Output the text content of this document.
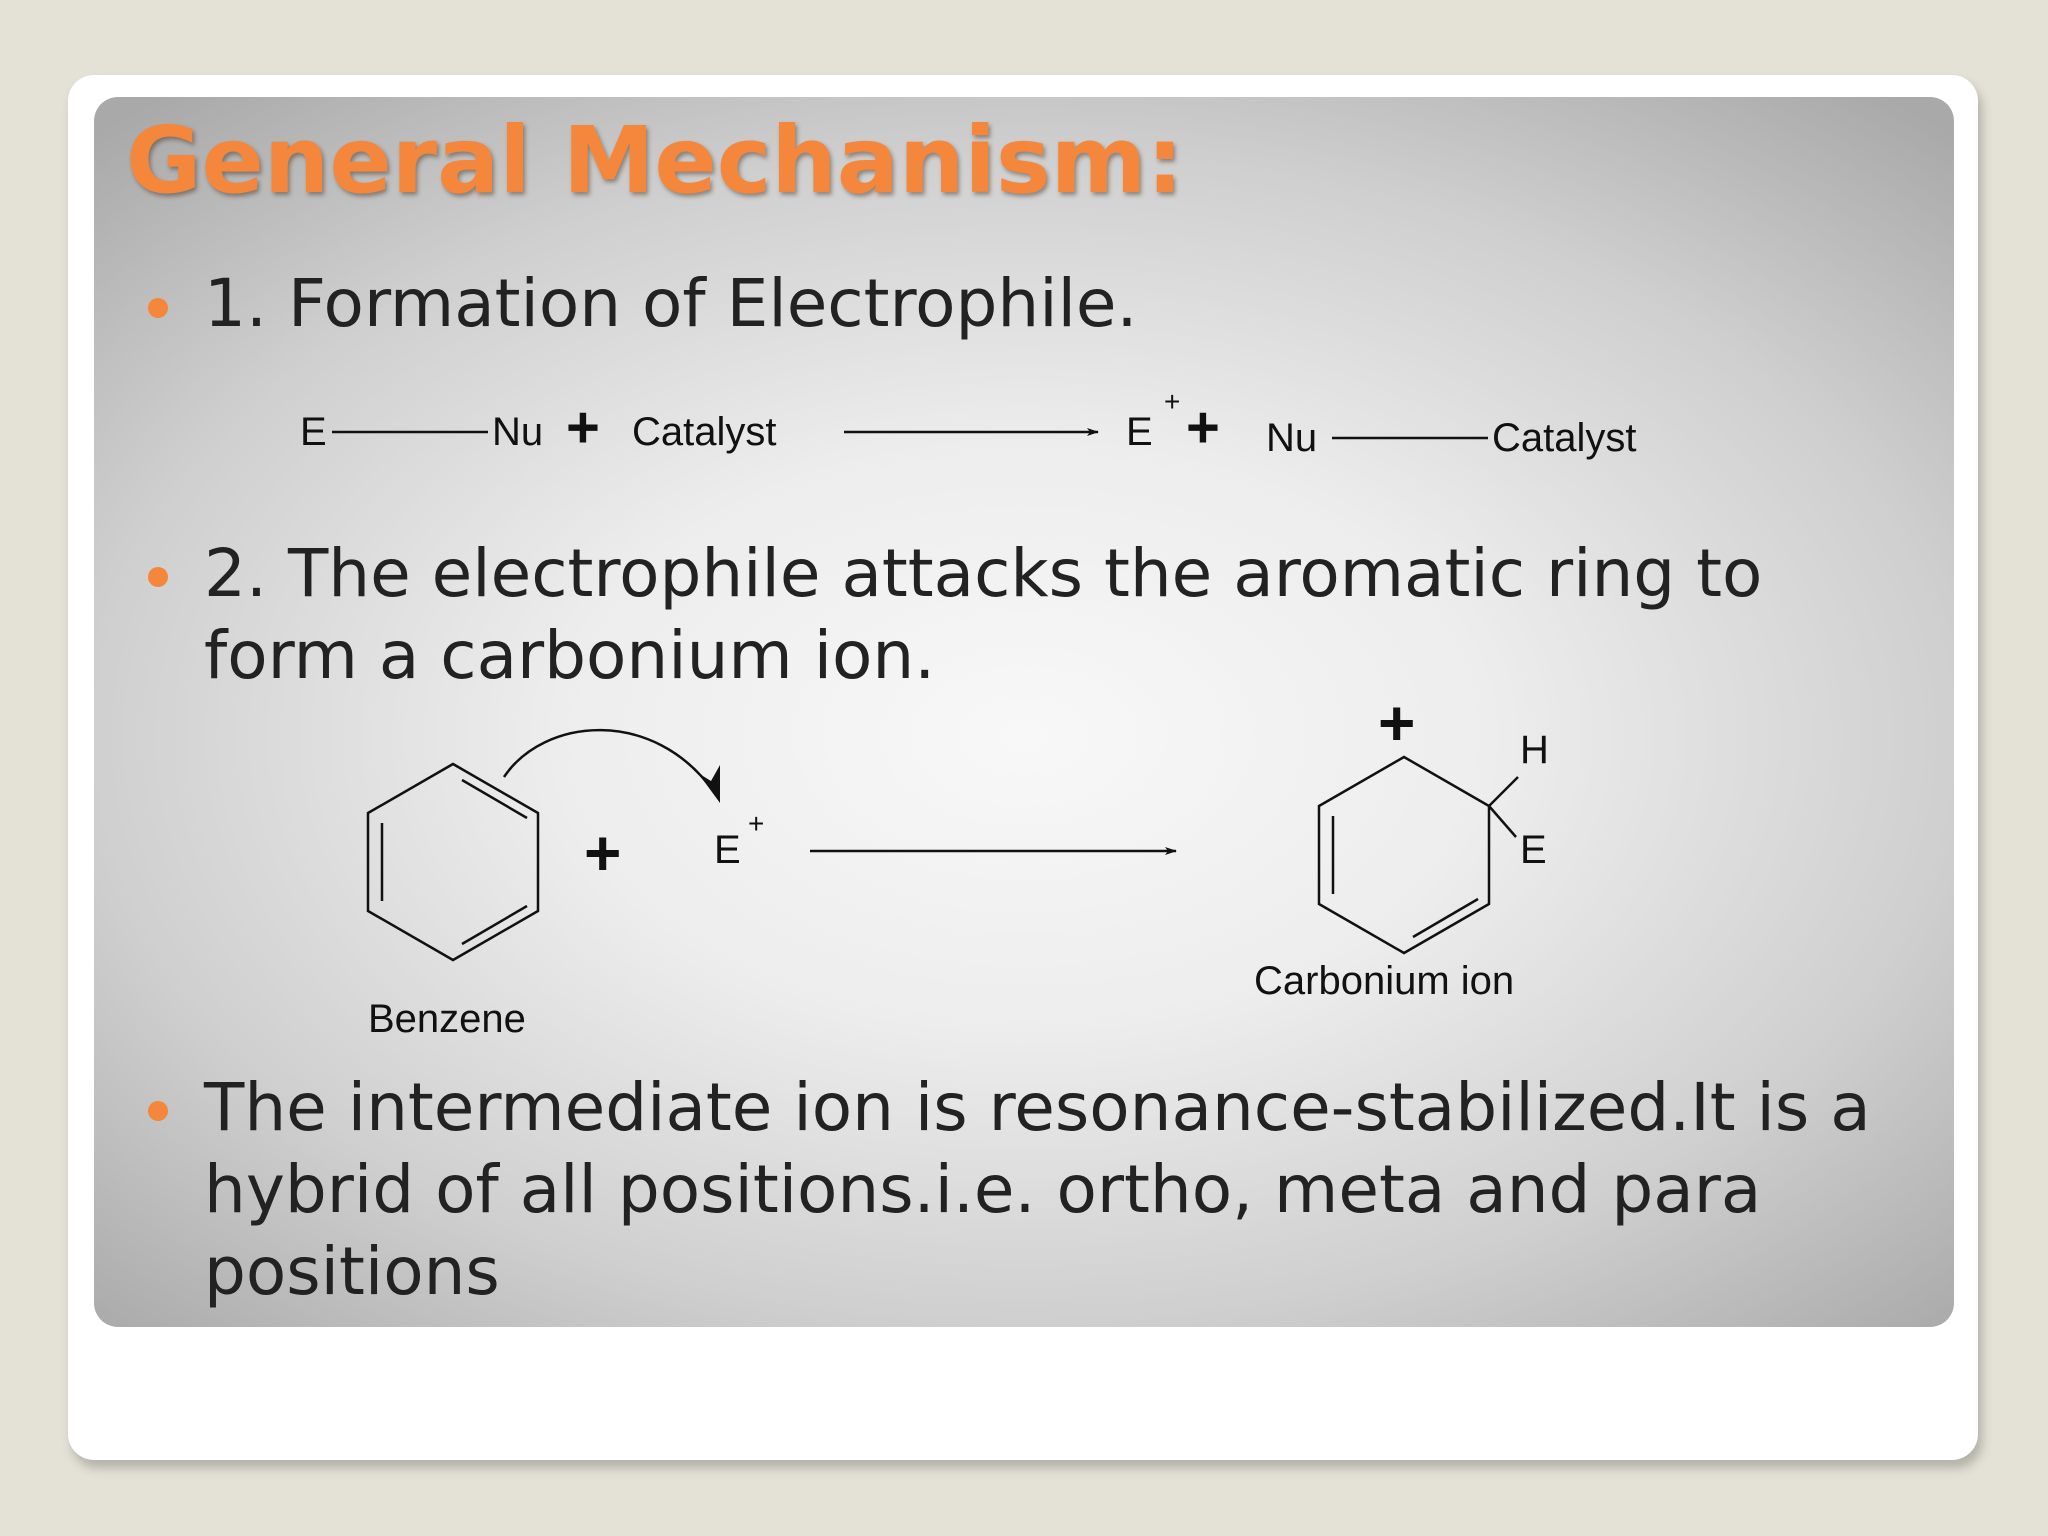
General Mechanism:

1. Formation of Electrophile.

2. The electrophile attacks the aromatic ring to form a carbonium ion.

The intermediate ion is resonance-stabilized.It is a hybrid of all positions.i.e. ortho, meta and para positions

E	Nu + Catalyst	E
+ + Nu	Catalyst
+ E
+
+	H
E
Benzene
Carbonium ion
